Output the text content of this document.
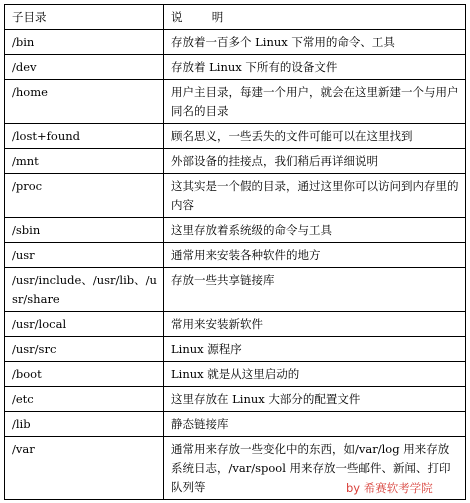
子目录	说        明
/bin	存放着一百多个 Linux 下常用的命令、工具
/dev	存放着 Linux 下所有的设备文件
/home	用户主目录，每建一个用户，就会在这里新建一个与用户同名的目录
/lost+found	顾名思义，一些丢失的文件可能可以在这里找到
/mnt	外部设备的挂接点，我们稍后再详细说明
/proc	这其实是一个假的目录，通过这里你可以访问到内存里的内容
/sbin	这里存放着系统级的命令与工具
/usr	通常用来安装各种软件的地方
/usr/include、/usr/lib、/usr/share	存放一些共享链接库
/usr/local	常用来安装新软件
/usr/src	Linux 源程序
/boot	Linux 就是从这里启动的
/etc	这里存放在 Linux 大部分的配置文件
/lib	静态链接库
/var	通常用来存放一些变化中的东西，如/var/log 用来存放系统日志，/var/spool 用来存放一些邮件、新闻、打印队列等	by 希赛软考学院
